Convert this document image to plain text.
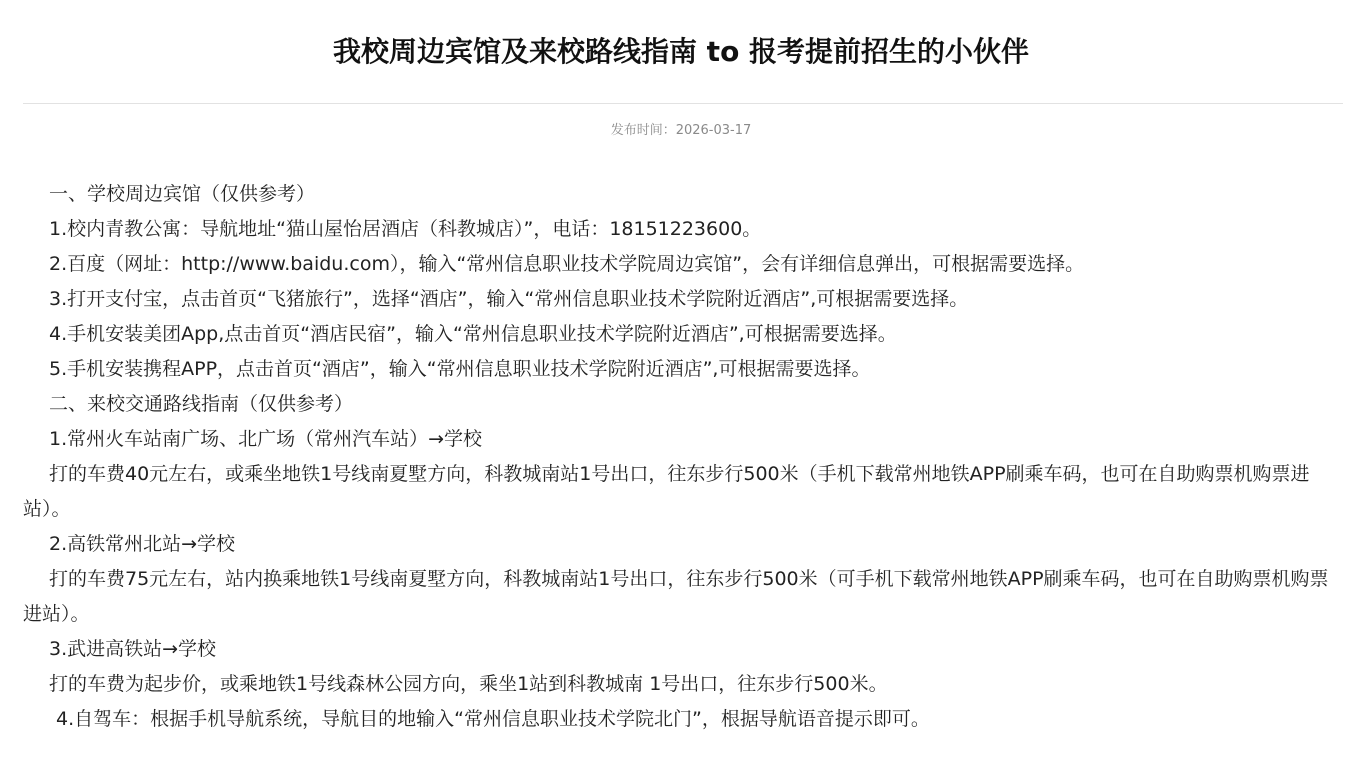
我校周边宾馆及来校路线指南 to 报考提前招生的小伙伴
发布时间：2026-03-17

一、学校周边宾馆（仅供参考）

1.校内青教公寓：导航地址“猫山屋怡居酒店（科教城店）”，电话：18151223600。

2.百度（网址：http://www.baidu.com），输入“常州信息职业技术学院周边宾馆”，会有详细信息弹出，可根据需要选择。

3.打开支付宝，点击首页“飞猪旅行”，选择“酒店”，输入“常州信息职业技术学院附近酒店”,可根据需要选择。

4.手机安装美团App,点击首页“酒店民宿”，输入“常州信息职业技术学院附近酒店”,可根据需要选择。

5.手机安装携程APP，点击首页“酒店”，输入“常州信息职业技术学院附近酒店”,可根据需要选择。

二、来校交通路线指南（仅供参考）

1.常州火车站南广场、北广场（常州汽车站）→学校

打的车费40元左右，或乘坐地铁1号线南夏墅方向，科教城南站1号出口，往东步行500米（手机下载常州地铁APP刷乘车码，也可在自助购票机购票进站）。

2.高铁常州北站→学校

打的车费75元左右，站内换乘地铁1号线南夏墅方向，科教城南站1号出口，往东步行500米（可手机下载常州地铁APP刷乘车码，也可在自助购票机购票进站）。

3.武进高铁站→学校

打的车费为起步价，或乘地铁1号线森林公园方向，乘坐1站到科教城南 1号出口，往东步行500米。

4.自驾车：根据手机导航系统，导航目的地输入“常州信息职业技术学院北门”，根据导航语音提示即可。
